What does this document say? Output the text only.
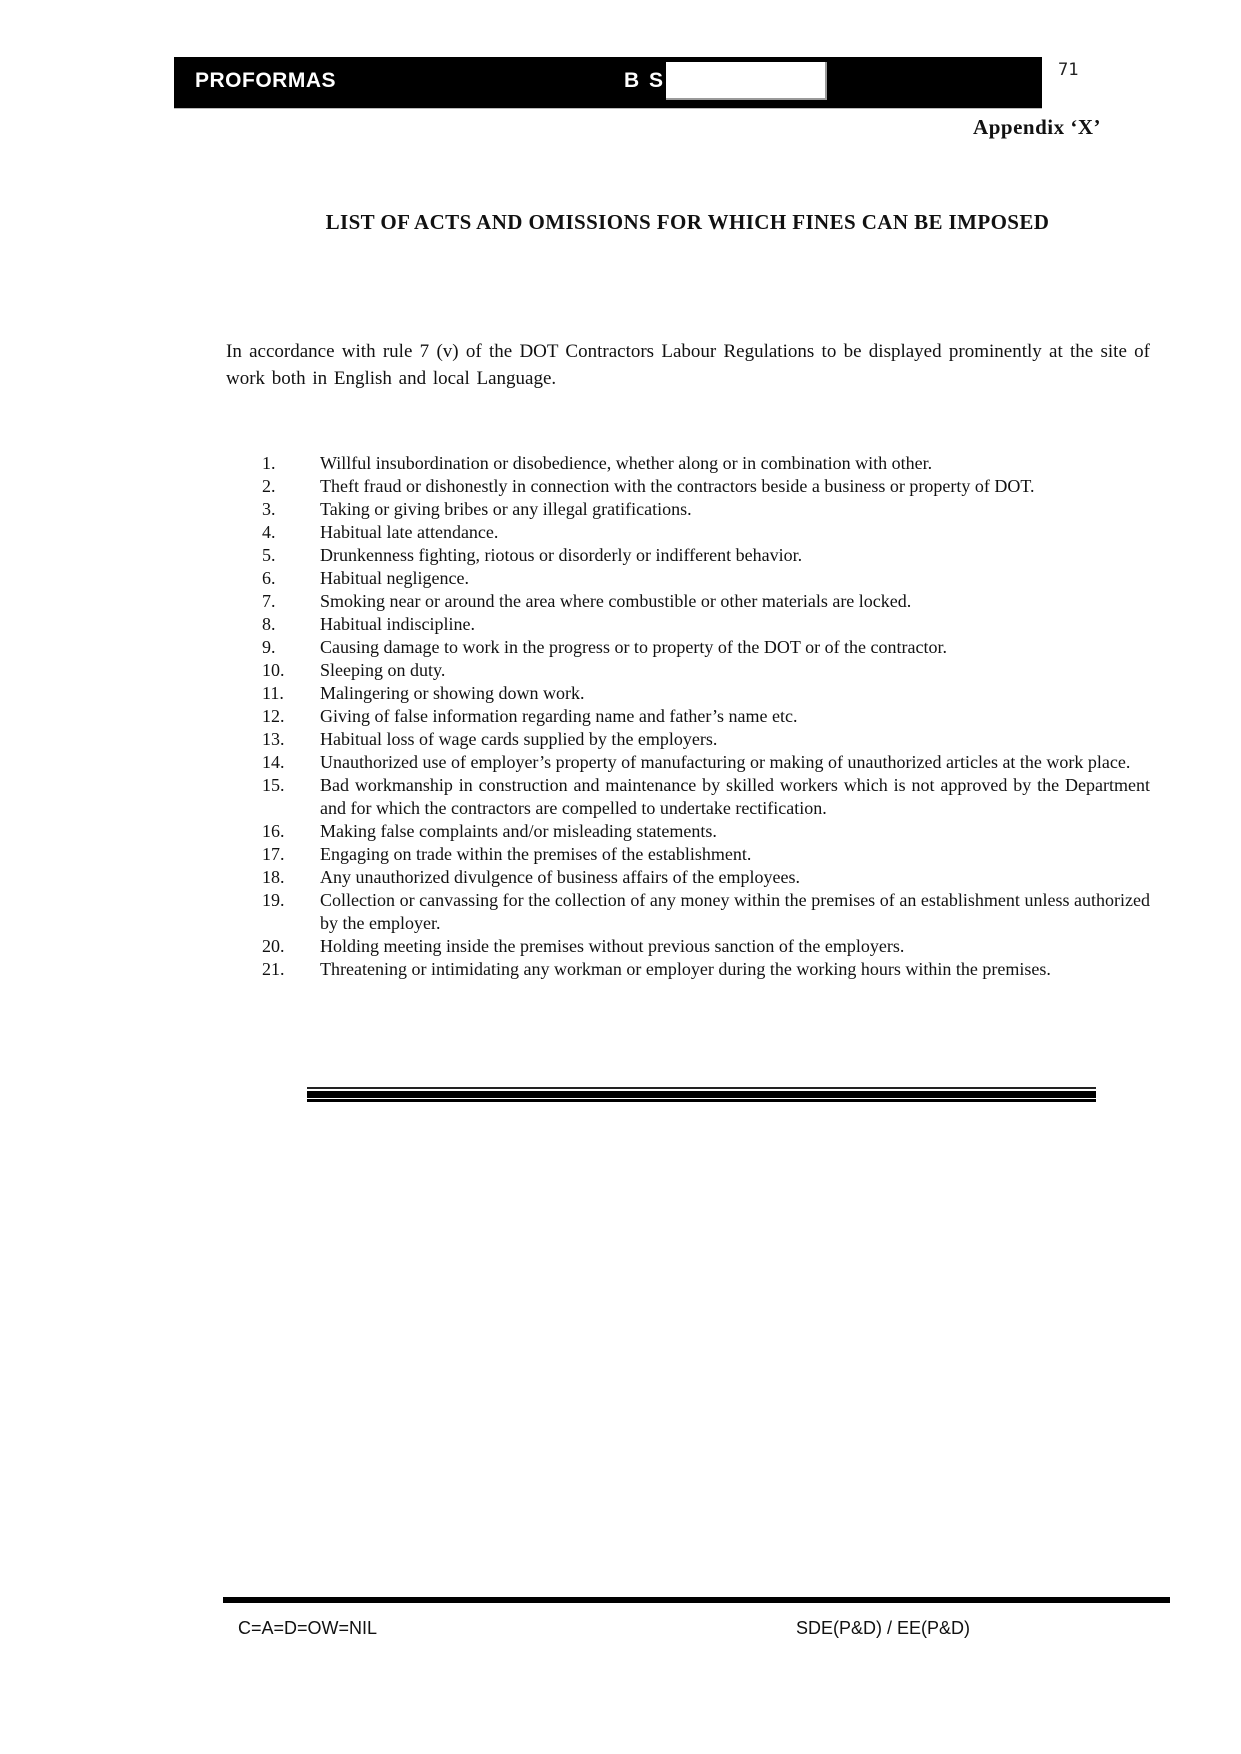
PROFORMAS	B S	71
Appendix ‘X’
LIST OF ACTS AND OMISSIONS FOR WHICH FINES CAN BE IMPOSED

In accordance with rule 7 (v) of the DOT Contractors Labour Regulations to be displayed prominently at the site of work both in English and local Language.

1.	Willful insubordination or disobedience, whether along or in combination with other.
2.	Theft fraud or dishonestly in connection with the contractors beside a business or property of DOT.
3.	Taking or giving bribes or any illegal gratifications.
4.	Habitual late attendance.
5.	Drunkenness fighting, riotous or disorderly or indifferent behavior.
6.	Habitual negligence.
7.	Smoking near or around the area where combustible or other materials are locked.
8.	Habitual indiscipline.
9.	Causing damage to work in the progress or to property of the DOT or of the contractor.
10.	Sleeping on duty.
11.	Malingering or showing down work.
12.	Giving of false information regarding name and father’s name etc.
13.	Habitual loss of wage cards supplied by the employers.
14.	Unauthorized use of employer’s property of manufacturing or making of unauthorized articles at the work place.
15.	Bad workmanship in construction and maintenance by skilled workers which is not approved by the Department and for which the contractors are compelled to undertake rectification.
16.	Making false complaints and/or misleading statements.
17.	Engaging on trade within the premises of the establishment.
18.	Any unauthorized divulgence of business affairs of the employees.
19.	Collection or canvassing for the collection of any money within the premises of an establishment unless authorized by the employer.
20.	Holding meeting inside the premises without previous sanction of the employers.
21.	Threatening or intimidating any workman or employer during the working hours within the premises.
C=A=D=OW=NIL	SDE(P&D) / EE(P&D)
